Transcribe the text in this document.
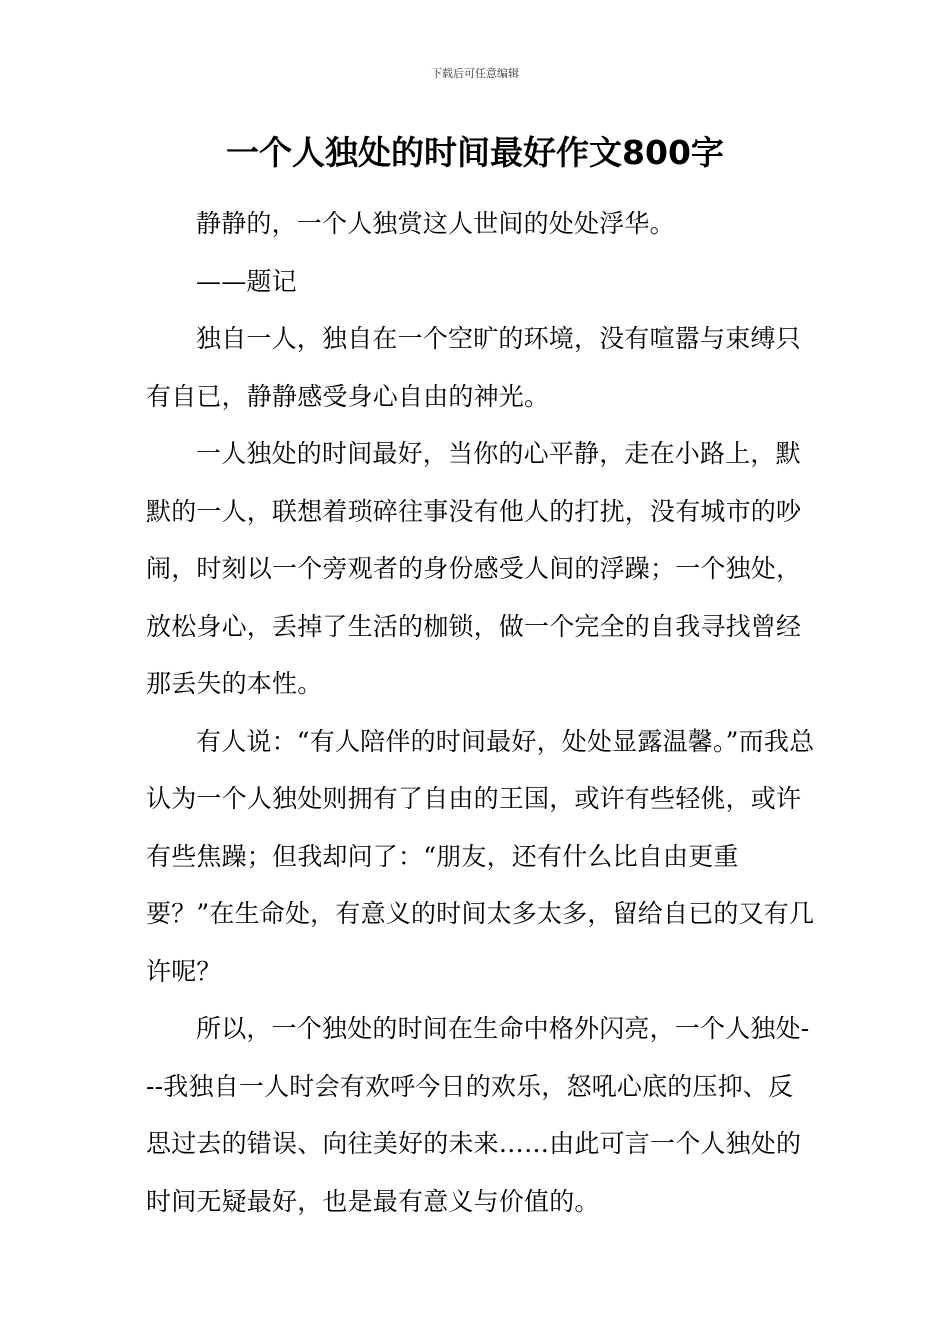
下载后可任意编辑
一个人独处的时间最好作文800字

静静的，一个人独赏这人世间的处处浮华。

——题记

独自一人，独自在一个空旷的环境，没有喧嚣与束缚只有自已，静静感受身心自由的神光。

一人独处的时间最好，当你的心平静，走在小路上，默默的一人，联想着琐碎往事没有他人的打扰，没有城市的吵闹，时刻以一个旁观者的身份感受人间的浮躁；一个独处，放松身心，丢掉了生活的枷锁，做一个完全的自我寻找曾经那丢失的本性。

有人说：“有人陪伴的时间最好，处处显露温馨。”而我总认为一个人独处则拥有了自由的王国，或许有些轻佻，或许有些焦躁；但我却问了：“朋友，还有什么比自由更重要？”在生命处，有意义的时间太多太多，留给自已的又有几许呢？

所以，一个独处的时间在生命中格外闪亮，一个人独处---我独自一人时会有欢呼今日的欢乐，怒吼心底的压抑、反思过去的错误、向往美好的未来……由此可言一个人独处的时间无疑最好，也是最有意义与价值的。
